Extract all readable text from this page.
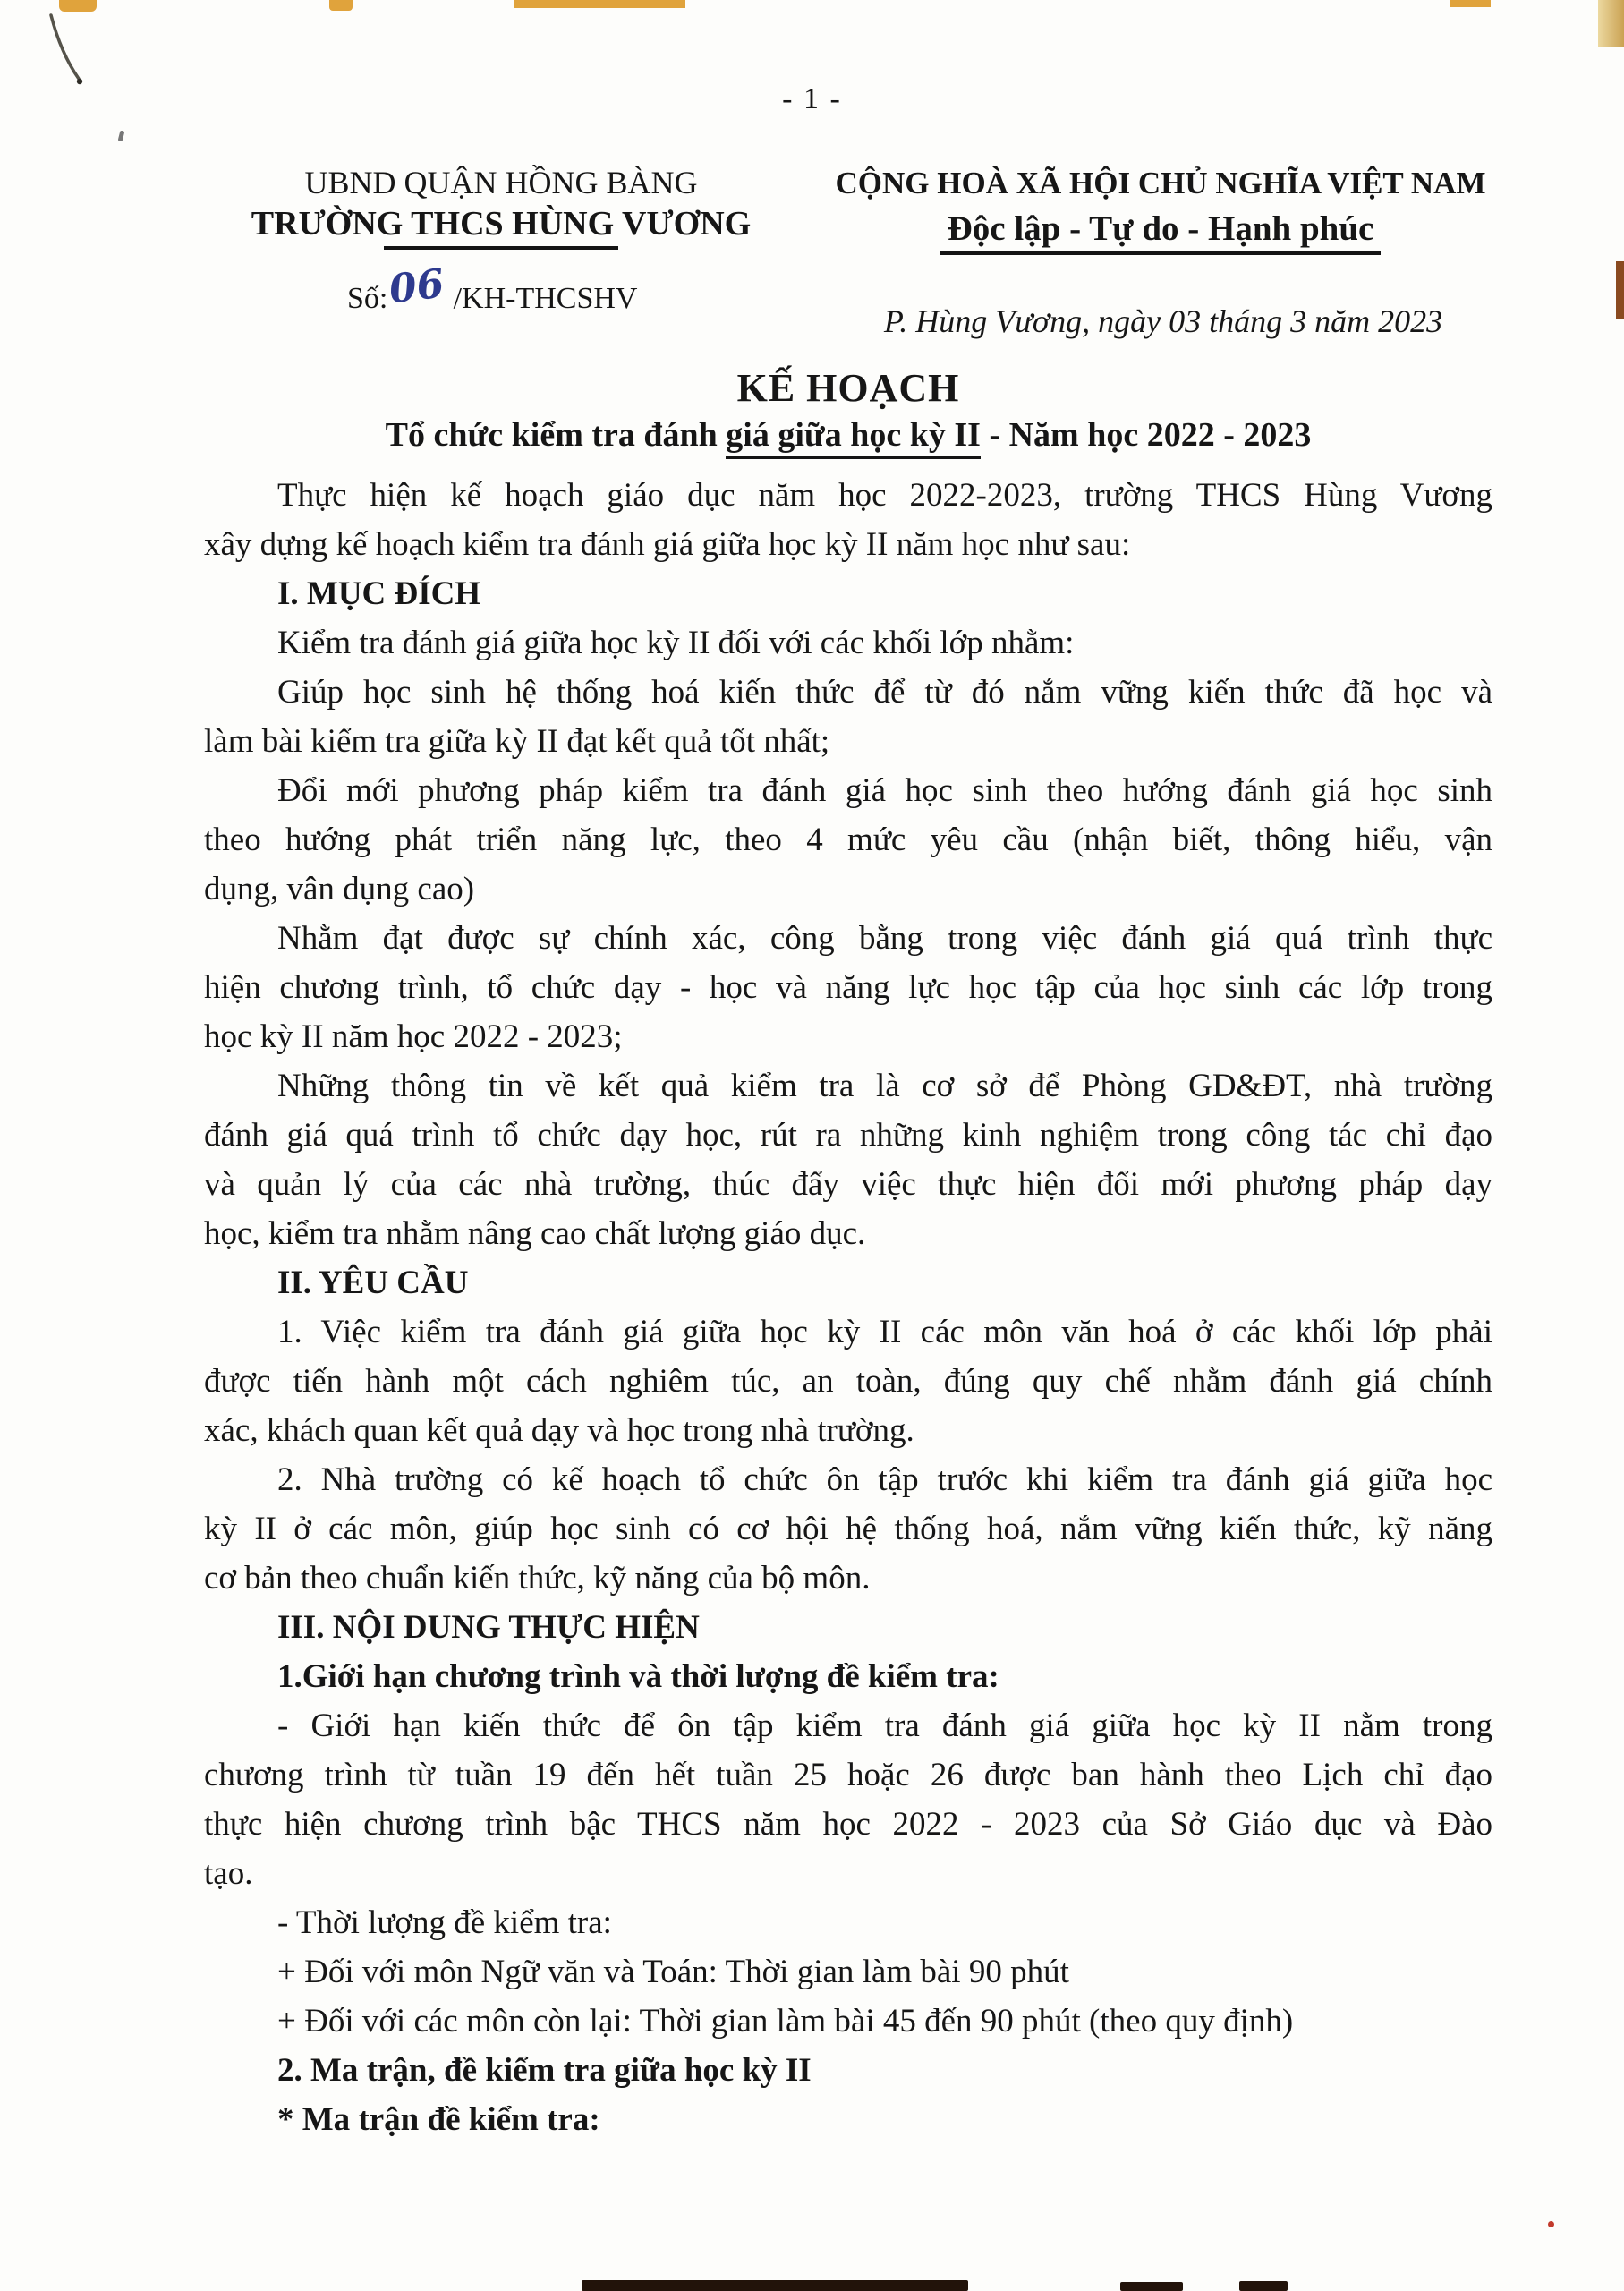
- 1 -
UBND QUẬN HỒNG BÀNG
TRƯỜNG THCS HÙNG VƯƠNG
CỘNG HOÀ XÃ HỘI CHỦ NGHĨA VIỆT NAM
Độc lập - Tự do - Hạnh phúc
Số:06 /KH-THCSHV
P. Hùng Vương, ngày 03 tháng 3 năm 2023
KẾ HOẠCH
Tổ chức kiểm tra đánh giá giữa học kỳ II - Năm học 2022 - 2023
Thực hiện kế hoạch giáo dục năm học 2022-2023, trường THCS Hùng Vương
xây dựng kế hoạch kiểm tra đánh giá giữa học kỳ II năm học như sau:
I. MỤC ĐÍCH
Kiểm tra đánh giá giữa học kỳ II đối với các khối lớp nhằm:
Giúp học sinh hệ thống hoá kiến thức để từ đó nắm vững kiến thức đã học và
làm bài kiểm tra giữa kỳ II đạt kết quả tốt nhất;
Đổi mới phương pháp kiểm tra đánh giá học sinh theo hướng đánh giá học sinh
theo hướng phát triển năng lực, theo 4 mức yêu cầu (nhận biết, thông hiểu, vận
dụng, vân dụng cao)
Nhằm đạt được sự chính xác, công bằng trong việc đánh giá quá trình thực
hiện chương trình, tổ chức dạy - học và năng lực học tập của học sinh các lớp trong
học kỳ II năm học 2022 - 2023;
Những thông tin về kết quả kiểm tra là cơ sở để Phòng GD&ĐT, nhà trường
đánh giá quá trình tổ chức dạy học, rút ra những kinh nghiệm trong công tác chỉ đạo
và quản lý của các nhà trường, thúc đẩy việc thực hiện đổi mới phương pháp dạy
học, kiểm tra nhằm nâng cao chất lượng giáo dục.
II. YÊU CẦU
1. Việc kiểm tra đánh giá giữa học kỳ II các môn văn hoá ở các khối lớp phải
được tiến hành một cách nghiêm túc, an toàn, đúng quy chế nhằm đánh giá chính
xác, khách quan kết quả dạy và học trong nhà trường.
2. Nhà trường có kế hoạch tổ chức ôn tập trước khi kiểm tra đánh giá giữa học
kỳ II ở các môn, giúp học sinh có cơ hội hệ thống hoá, nắm vững kiến thức, kỹ năng
cơ bản theo chuẩn kiến thức, kỹ năng của bộ môn.
III. NỘI DUNG THỰC HIỆN
1.Giới hạn chương trình và thời lượng đề kiểm tra:
- Giới hạn kiến thức để ôn tập kiểm tra đánh giá giữa học kỳ II nằm trong
chương trình từ tuần 19 đến hết tuần 25 hoặc 26 được ban hành theo Lịch chỉ đạo
thực hiện chương trình bậc THCS năm học 2022 - 2023 của Sở Giáo dục và Đào
tạo.
- Thời lượng đề kiểm tra:
+ Đối với môn Ngữ văn và Toán: Thời gian làm bài 90 phút
+ Đối với các môn còn lại: Thời gian làm bài 45 đến 90 phút (theo quy định)
2. Ma trận, đề kiểm tra giữa học kỳ II
* Ma trận đề kiểm tra:
